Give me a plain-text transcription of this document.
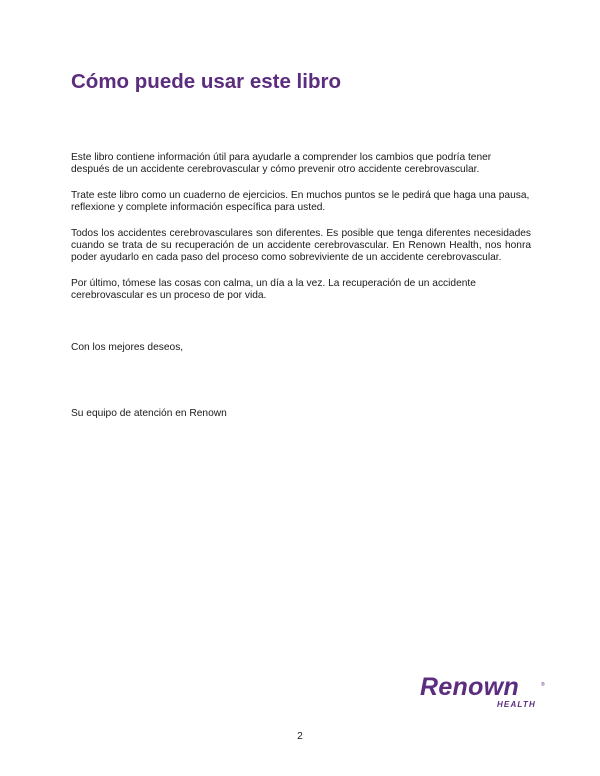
Cómo puede usar este libro

Este libro contiene información útil para ayudarle a comprender los cambios que podría tener después de un accidente cerebrovascular y cómo prevenir otro accidente cerebrovascular.

Trate este libro como un cuaderno de ejercicios. En muchos puntos se le pedirá que haga una pausa, reflexione y complete información específica para usted.

Todos los accidentes cerebrovasculares son diferentes. Es posible que tenga diferentes necesidades cuando se trata de su recuperación de un accidente cerebrovascular. En Renown Health, nos honra poder ayudarlo en cada paso del proceso como sobreviviente de un accidente cerebrovascular.

Por último, tómese las cosas con calma, un día a la vez. La recuperación de un accidente cerebrovascular es un proceso de por vida.

Con los mejores deseos,
Su equipo de atención en Renown
Renown	®
HEALTH
2
